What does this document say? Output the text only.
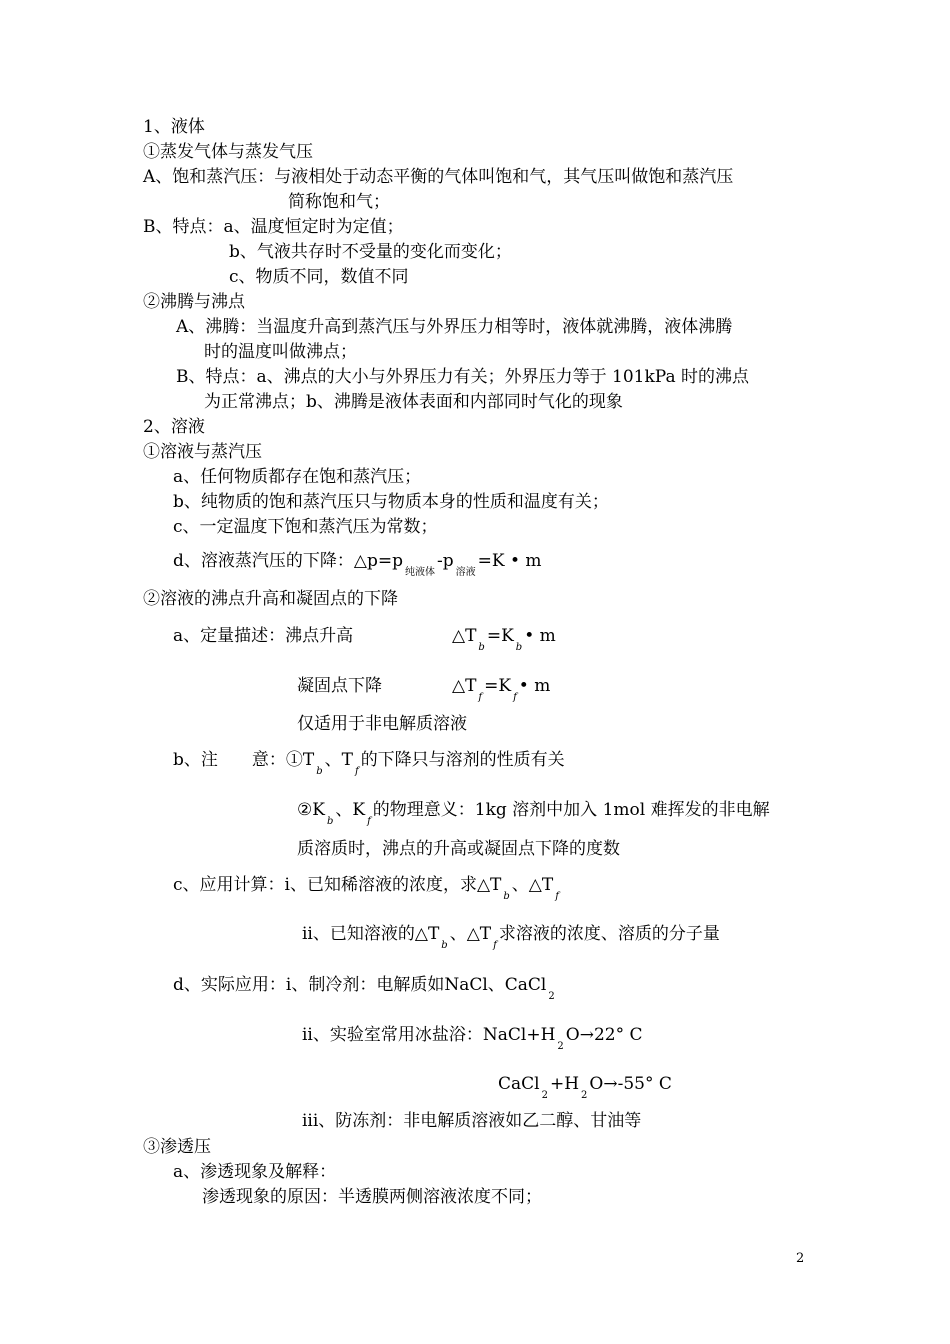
1、液体
①蒸发气体与蒸发气压
A、饱和蒸汽压：与液相处于动态平衡的气体叫饱和气，其气压叫做饱和蒸汽压
简称饱和气；
B、特点：a、温度恒定时为定值；
b、气液共存时不受量的变化而变化；
c、物质不同，数值不同
②沸腾与沸点
A、沸腾：当温度升高到蒸汽压与外界压力相等时，液体就沸腾，液体沸腾
时的温度叫做沸点；
B、特点：a、沸点的大小与外界压力有关；外界压力等于 101kPa 时的沸点
为正常沸点；b、沸腾是液体表面和内部同时气化的现象
2、溶液
①溶液与蒸汽压
a、任何物质都存在饱和蒸汽压；
b、纯物质的饱和蒸汽压只与物质本身的性质和温度有关；
c、一定温度下饱和蒸汽压为常数；
d、溶液蒸汽压的下降：$\triangle p=p_{纯液体}-p_{溶液}=K$ • m
②溶液的沸点升高和凝固点的下降
a、定量描述：沸点升高	$\triangle T_b=K_b•$ m
凝固点下降	$\triangle T_f=K_f•$ m
仅适用于非电解质溶液
b、注　　意：$①T_b$、$T_f$的下降只与溶剂的性质有关
$②K_b$、$K_f$的物理意义：1kg 溶剂中加入 1mol 难挥发的非电解
质溶质时，沸点的升高或凝固点下降的度数
c、应用计算：i、已知稀溶液的浓度，求$\triangle T_b$、$\triangle T_f$
ii、已知溶液的$\triangle T_b$、$\triangle T_f$求溶液的浓度、溶质的分子量
d、实际应用：i、制冷剂：电解质如NaCl、CaCl$_2$
ii、实验室常用冰盐浴：$NaCl+H_2O\to 22^\circ$ C
$CaCl_2+H_2O\to-55^\circ$ C
iii、防冻剂：非电解质溶液如乙二醇、甘油等
③渗透压
a、渗透现象及解释：
渗透现象的原因：半透膜两侧溶液浓度不同；
2
